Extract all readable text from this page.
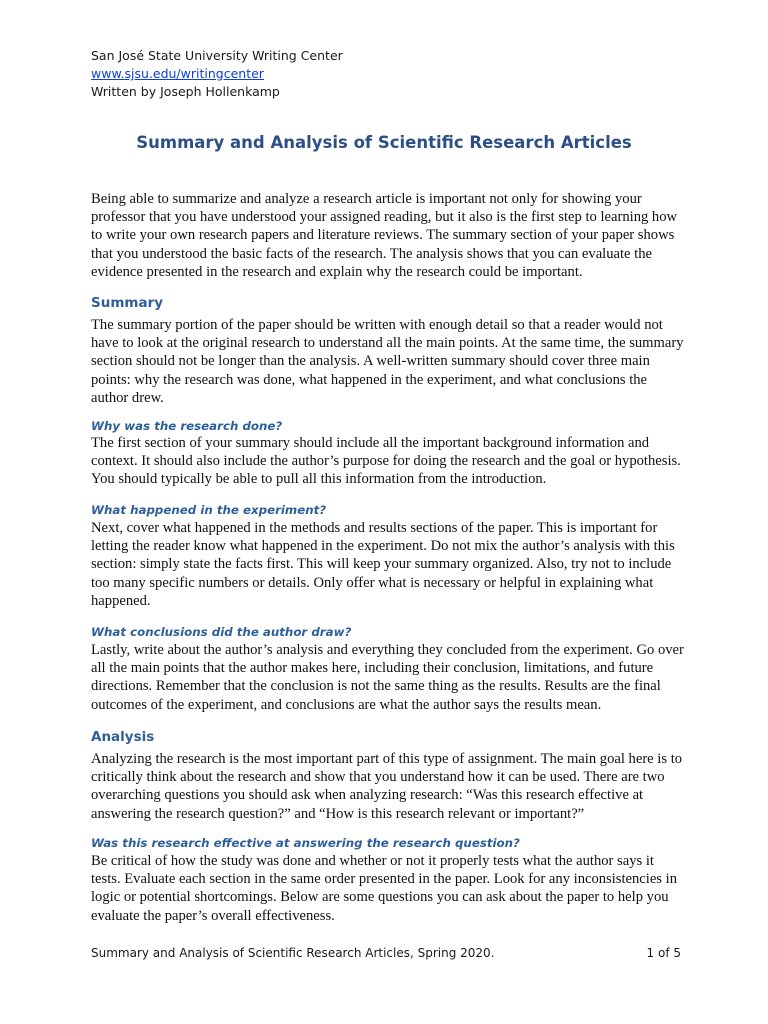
San José State University Writing Center
www.sjsu.edu/writingcenter
Written by Joseph Hollenkamp
Summary and Analysis of Scientific Research Articles

Being able to summarize and analyze a research article is important not only for showing your professor that you have understood your assigned reading, but it also is the first step to learning how to write your own research papers and literature reviews. The summary section of your paper shows that you understood the basic facts of the research. The analysis shows that you can evaluate the evidence presented in the research and explain why the research could be important.

Summary

The summary portion of the paper should be written with enough detail so that a reader would not have to look at the original research to understand all the main points. At the same time, the summary section should not be longer than the analysis. A well-written summary should cover three main points: why the research was done, what happened in the experiment, and what conclusions the author drew.

Why was the research done?

The first section of your summary should include all the important background information and context. It should also include the author’s purpose for doing the research and the goal or hypothesis. You should typically be able to pull all this information from the introduction.

What happened in the experiment?

Next, cover what happened in the methods and results sections of the paper. This is important for letting the reader know what happened in the experiment. Do not mix the author’s analysis with this section: simply state the facts first. This will keep your summary organized. Also, try not to include too many specific numbers or details. Only offer what is necessary or helpful in explaining what happened.

What conclusions did the author draw?

Lastly, write about the author’s analysis and everything they concluded from the experiment. Go over all the main points that the author makes here, including their conclusion, limitations, and future directions. Remember that the conclusion is not the same thing as the results. Results are the final outcomes of the experiment, and conclusions are what the author says the results mean.

Analysis

Analyzing the research is the most important part of this type of assignment. The main goal here is to critically think about the research and show that you understand how it can be used. There are two overarching questions you should ask when analyzing research: “Was this research effective at answering the research question?” and “How is this research relevant or important?”

Was this research effective at answering the research question?

Be critical of how the study was done and whether or not it properly tests what the author says it tests. Evaluate each section in the same order presented in the paper. Look for any inconsistencies in logic or potential shortcomings. Below are some questions you can ask about the paper to help you evaluate the paper’s overall effectiveness.

Summary and Analysis of Scientific Research Articles, Spring 2020.	1 of 5
